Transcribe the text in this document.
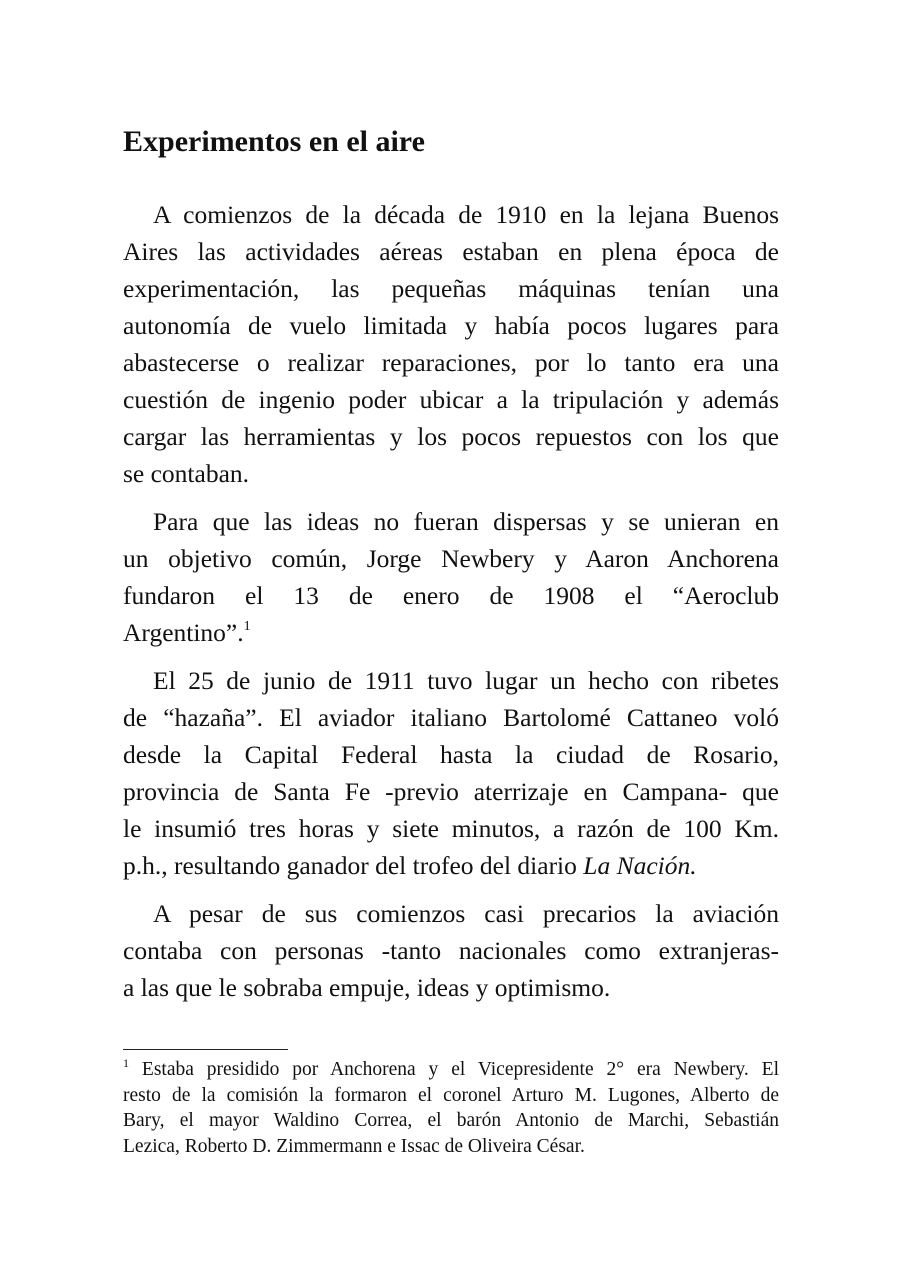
Experimentos en el aire
A comienzos de la década de 1910 en la lejana Buenos
Aires las actividades aéreas estaban en plena época de
experimentación, las pequeñas máquinas tenían una
autonomía de vuelo limitada y había pocos lugares para
abastecerse o realizar reparaciones, por lo tanto era una
cuestión de ingenio poder ubicar a la tripulación y además
cargar las herramientas y los pocos repuestos con los que
se contaban.
Para que las ideas no fueran dispersas y se unieran en
un objetivo común, Jorge Newbery y Aaron Anchorena
fundaron el 13 de enero de 1908 el “Aeroclub
Argentino”.$^1$
El 25 de junio de 1911 tuvo lugar un hecho con ribetes
de “hazaña”. El aviador italiano Bartolomé Cattaneo voló
desde la Capital Federal hasta la ciudad de Rosario,
provincia de Santa Fe -previo aterrizaje en Campana- que
le insumió tres horas y siete minutos, a razón de 100 Km.
p.h., resultando ganador del trofeo del diario La Nación.
A pesar de sus comienzos casi precarios la aviación
contaba con personas -tanto nacionales como extranjeras-
a las que le sobraba empuje, ideas y optimismo.
$^1$ Estaba presidido por Anchorena y el Vicepresidente 2° era Newbery. El
resto de la comisión la formaron el coronel Arturo M. Lugones, Alberto de
Bary, el mayor Waldino Correa, el barón Antonio de Marchi, Sebastián
Lezica, Roberto D. Zimmermann e Issac de Oliveira César.
